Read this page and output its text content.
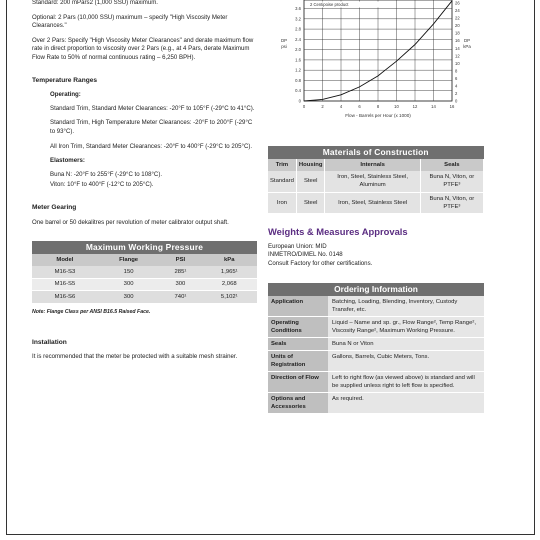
Standard: 200 mPars2 (1,000 SSU) maximum.

Optional: 2 Pars (10,000 SSU) maximum – specify "High Viscosity Meter Clearances."

Over 2 Pars: Specify "High Viscosity Meter Clearances" and derate maximum flow rate in direct proportion to viscosity over 2 Pars (e.g., at 4 Pars, derate Maximum Flow Rate to 50% of normal continuous rating – 6,250 BPH).

Temperature Ranges
Operating:

Standard Trim, Standard Meter Clearances: -20°F to 105°F (-29°C to 41°C).

Standard Trim, High Temperature Meter Clearances: -20°F to 200°F (-29°C to 93°C).

All Iron Trim, Standard Meter Clearances: -20°F to 400°F (-29°C to 205°C).

Elastomers:

Buna N: -20°F to 255°F (-29°C to 108°C).

Viton: 10°F to 400°F (-12°C to 205°C).

Meter Gearing

One barrel or 50 dekalitres per revolution of meter calibrator output shaft.

Maximum Working Pressure			
Model	Flange	PSI	kPa
M16-S3	150	285¹	1,965¹
M16-S5	300	300	2,068
M16-S6	300	740¹	5,102¹
Note: Flange Class per ANSI B16.5 Raised Face.
Installation

It is recommended that the meter be protected with a suitable mesh strainer.

0	2	4	6	8	10	12	14	16
0
0.4
0.8
1.2
1.6
2.0
2.4
2.8
3.2
3.6
0
2
4
6
8
10
12
14
16
18
20
22
24
26
Flow - Barrels per Hour (x 1000)
DP
psi
DP
kPa
2 Centipoise product
Materials of Construction			
Trim	Housing	Internals	Seals
Standard	Steel	Iron, Steel, Stainless Steel, Aluminum	Buna N, Viton, or PTFE³
Iron	Steel	Iron, Steel, Stainless Steel	Buna N, Viton, or PTFE³
Weights & Measures Approvals
European Union: MID
INMETRO/DIMEL No. 0148
Consult Factory for other certifications.
Ordering Information	
Application	Batching, Loading, Blending, Inventory, Custody Transfer, etc.
Operating Conditions	Liquid – Name and sp. gr., Flow Range², Temp Range², Viscosity Range², Maximum Working Pressure.
Seals	Buna N or Viton
Units of Registration	Gallons, Barrels, Cubic Meters, Tons.
Direction of Flow	Left to right flow (as viewed above) is standard and will be supplied unless right to left flow is specified.
Options and Accessories	As required.
